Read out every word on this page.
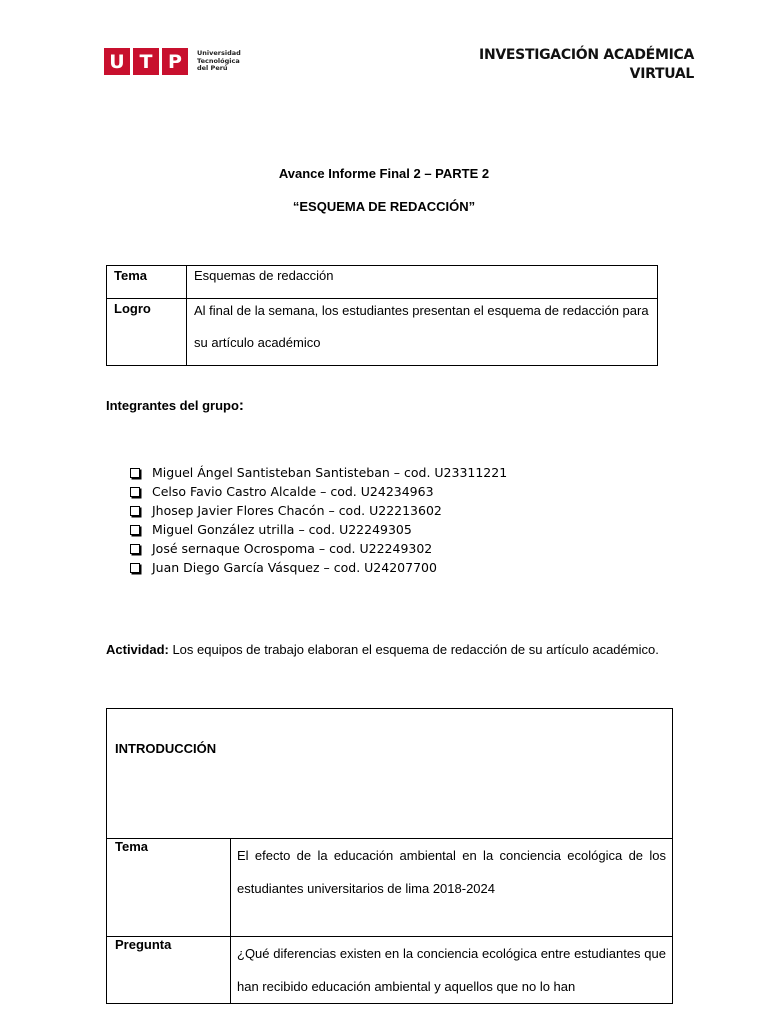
U T P	Universidad
Tecnológica
del Perú
INVESTIGACIÓN ACADÉMICA
VIRTUAL
Avance Informe Final 2 – PARTE 2
“ESQUEMA DE REDACCIÓN”
Tema	Esquemas de redacción
Logro	Al final de la semana, los estudiantes presentan el esquema de redacción para su artículo académico
Integrantes del grupo:
Miguel Ángel Santisteban Santisteban – cod. U23311221
Celso Favio Castro Alcalde – cod. U24234963
Jhosep Javier Flores Chacón – cod. U22213602
Miguel González utrilla – cod. U22249305
José sernaque Ocrospoma – cod. U22249302
Juan Diego García Vásquez – cod. U24207700
Actividad: Los equipos de trabajo elaboran el esquema de redacción de su artículo académico.
INTRODUCCIÓN	
Tema	El efecto de la educación ambiental en la conciencia ecológica de los estudiantes universitarios de lima 2018-2024
Pregunta	¿Qué diferencias existen en la conciencia ecológica entre estudiantes que han recibido educación ambiental y aquellos que no lo han
